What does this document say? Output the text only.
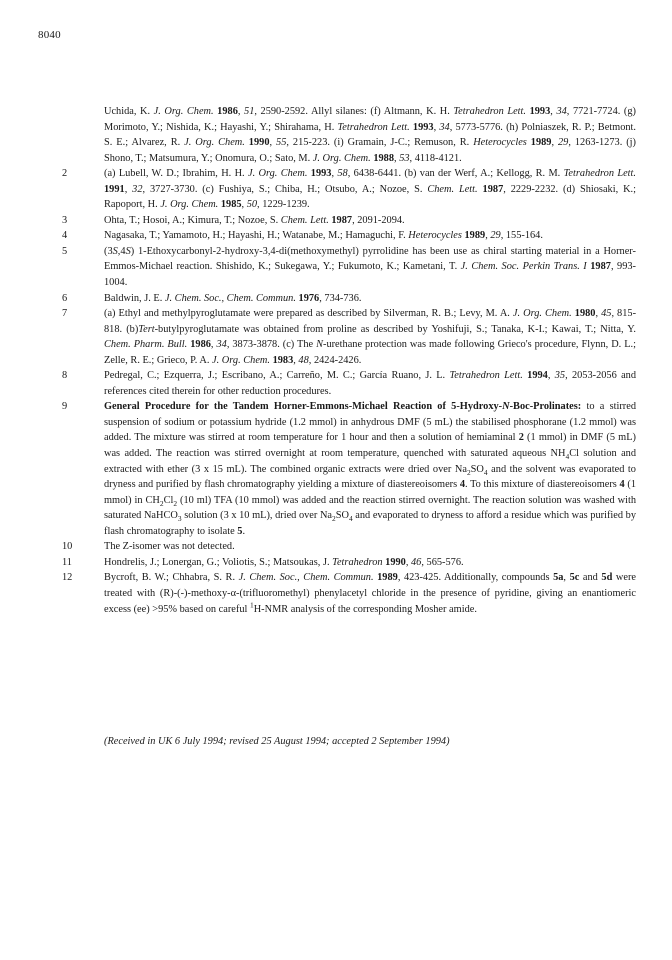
8040
Uchida, K. J. Org. Chem. 1986, 51, 2590-2592. Allyl silanes: (f) Altmann, K. H. Tetrahedron Lett. 1993, 34, 7721-7724. (g) Morimoto, Y.; Nishida, K.; Hayashi, Y.; Shirahama, H. Tetrahedron Lett. 1993, 34, 5773-5776. (h) Polniaszek, R. P.; Betmont. S. E.; Alvarez, R. J. Org. Chem. 1990, 55, 215-223. (i) Gramain, J-C.; Remuson, R. Heterocycles 1989, 29, 1263-1273. (j) Shono, T.; Matsumura, Y.; Onomura, O.; Sato, M. J. Org. Chem. 1988, 53, 4118-4121.
2	(a) Lubell, W. D.; Ibrahim, H. H. J. Org. Chem. 1993, 58, 6438-6441. (b) van der Werf, A.; Kellogg, R. M. Tetrahedron Lett. 1991, 32, 3727-3730. (c) Fushiya, S.; Chiba, H.; Otsubo, A.; Nozoe, S. Chem. Lett. 1987, 2229-2232. (d) Shiosaki, K.; Rapoport, H. J. Org. Chem. 1985, 50, 1229-1239.
3	Ohta, T.; Hosoi, A.; Kimura, T.; Nozoe, S. Chem. Lett. 1987, 2091-2094.
4	Nagasaka, T.; Yamamoto, H.; Hayashi, H.; Watanabe, M.; Hamaguchi, F. Heterocycles 1989, 29, 155-164.
5	(3S,4S) 1-Ethoxycarbonyl-2-hydroxy-3,4-di(methoxymethyl) pyrrolidine has been use as chiral starting material in a Horner-Emmos-Michael reaction. Shishido, K.; Sukegawa, Y.; Fukumoto, K.; Kametani, T. J. Chem. Soc. Perkin Trans. I 1987, 993-1004.
6	Baldwin, J. E. J. Chem. Soc., Chem. Commun. 1976, 734-736.
7	(a) Ethyl and methylpyroglutamate were prepared as described by Silverman, R. B.; Levy, M. A. J. Org. Chem. 1980, 45, 815-818. (b)Tert-butylpyroglutamate was obtained from proline as described by Yoshifuji, S.; Tanaka, K-I.; Kawai, T.; Nitta, Y. Chem. Pharm. Bull. 1986, 34, 3873-3878. (c) The N-urethane protection was made following Grieco's procedure, Flynn, D. L.; Zelle, R. E.; Grieco, P. A. J. Org. Chem. 1983, 48, 2424-2426.
8	Pedregal, C.; Ezquerra, J.; Escribano, A.; Carreño, M. C.; García Ruano, J. L. Tetrahedron Lett. 1994, 35, 2053-2056 and references cited therein for other reduction procedures.
9	General Procedure for the Tandem Horner-Emmons-Michael Reaction of 5-Hydroxy-N-Boc-Prolinates: to a stirred suspension of sodium or potassium hydride (1.2 mmol) in anhydrous DMF (5 mL) the stabilised phosphorane (1.2 mmol) was added. The mixture was stirred at room temperature for 1 hour and then a solution of hemiaminal 2 (1 mmol) in DMF (5 mL) was added. The reaction was stirred overnight at room temperature, quenched with saturated aqueous $NH_4Cl$ solution and extracted with ether (3 x 15 mL). The combined organic extracts were dried over $Na_2SO_4$ and the solvent was evaporated to dryness and purified by flash chromatography yielding a mixture of diastereoisomers 4. To this mixture of diastereoisomers 4 (1 mmol) in $CH_2Cl_2$ (10 ml) TFA (10 mmol) was added and the reaction stirred overnight. The reaction solution was washed with saturated NaHCO$_3$ solution (3 x 10 mL), dried over $Na_2SO_4$ and evaporated to dryness to afford a residue which was purified by flash chromatography to isolate 5.
10	The Z-isomer was not detected.
11	Hondrelis, J.; Lonergan, G.; Voliotis, S.; Matsoukas, J. Tetrahedron 1990, 46, 565-576.
12	Bycroft, B. W.; Chhabra, S. R. J. Chem. Soc., Chem. Commun. 1989, 423-425. Additionally, compounds 5a, 5c and 5d were treated with (R)-(-)-methoxy-α-(trifluoromethyl) phenylacetyl chloride in the presence of pyridine, giving an enantiomeric excess (ee) >95% based on careful $^1$H-NMR analysis of the corresponding Mosher amide.
(Received in UK 6 July 1994; revised 25 August 1994; accepted 2 September 1994)
